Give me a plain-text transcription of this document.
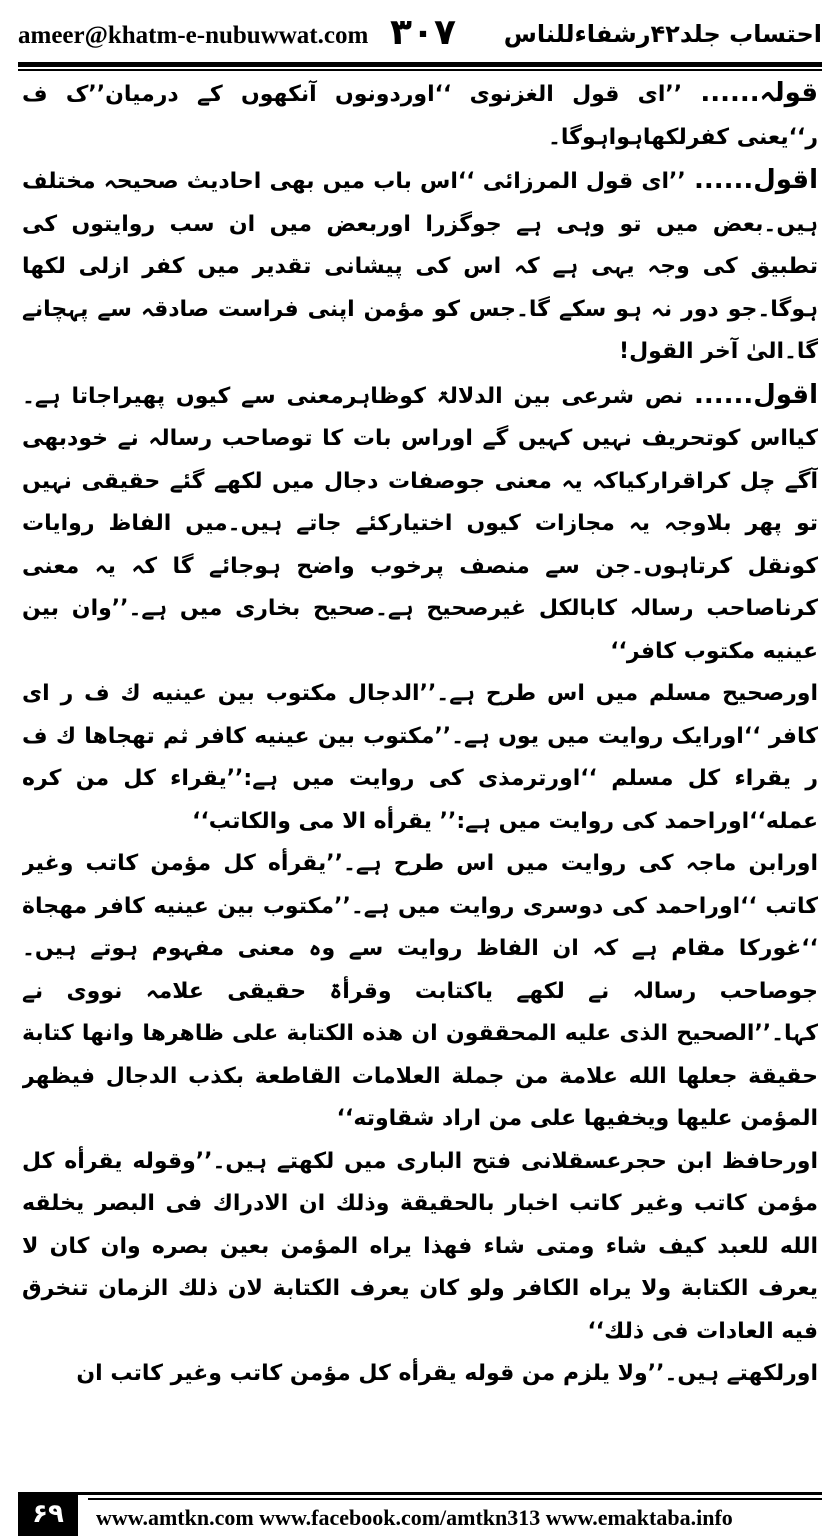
ameer@khatm-e-nubuwwat.com ۳۰۷ احتساب جلد۴۲رشفاءللناس

قولہ...... ’’ای قول الغزنوی ‘‘اوردونوں آنکھوں کے درمیان’’ک ف ر‘‘یعنی کفرلکھاہواہوگا۔

اقول...... ’’ای قول المرزائی ‘‘اس باب میں بھی احادیث صحیحہ مختلف ہیں۔بعض میں تو وہی ہے جوگزرا اوربعض میں ان سب روایتوں کی تطبیق کی وجہ یہی ہے کہ اس کی پیشانی تقدیر میں کفر ازلی لکھا ہوگا۔جو دور نہ ہو سکے گا۔جس کو مؤمن اپنی فراست صادقہ سے پہچانے گا۔الیٰ آخر القول!

اقول...... نص شرعی بین الدلالۃ کوظاہرمعنی سے کیوں پھیراجاتا ہے۔کیااس کوتحریف نہیں کہیں گے اوراس بات کا توصاحب رسالہ نے خودبھی آگے چل کراقرارکیاکہ یہ معنی جوصفات دجال میں لکھے گئے حقیقی نہیں تو پھر بلاوجہ یہ مجازات کیوں اختیارکئے جاتے ہیں۔میں الفاظ روایات کونقل کرتاہوں۔جن سے منصف پرخوب واضح ہوجائے گا کہ یہ معنی کرناصاحب رسالہ کابالکل غیرصحیح ہے۔صحیح بخاری میں ہے۔’’وان بین عینیه مکتوب کافر‘‘

اورصحیح مسلم میں اس طرح ہے۔’’الدجال مکتوب بین عینیه ك ف ر ای کافر ‘‘اورایک روایت میں یوں ہے۔’’مکتوب بین عینیه کافر ثم تهجاها ك ف ر یقراء کل مسلم ‘‘اورترمذی کی روایت میں ہے:’’یقراء کل من کره عمله‘‘اوراحمد کی روایت میں ہے:’’ یقرأه الا می والکاتب‘‘

اورابن ماجہ کی روایت میں اس طرح ہے۔’’یقرأه کل مؤمن کاتب وغیر کاتب ‘‘اوراحمد کی دوسری روایت میں ہے۔’’مکتوب بین عینیه کافر مهجاة ‘‘غورکا مقام ہے کہ ان الفاظ روایت سے وہ معنی مفہوم ہوتے ہیں۔جوصاحب رسالہ نے لکھے یاکتابت وقرأۃ حقیقی علامہ نووی نے کہا۔’’الصحیح الذی علیه المحققون ان هذه الکتابة علی ظاهرها وانها کتابة حقیقة جعلها الله علامة من جملة العلامات القاطعة بکذب الدجال فیظهر المؤمن علیها ویخفیها علی من اراد شقاوته‘‘

اورحافظ ابن حجرعسقلانی فتح الباری میں لکھتے ہیں۔’’وقوله یقرأه کل مؤمن کاتب وغیر کاتب اخبار بالحقیقة وذلك ان الادراك فی البصر یخلقه الله للعبد کیف شاء ومتی شاء فهذا یراه المؤمن بعین بصره وان کان لا یعرف الکتابة ولا یراه الکافر ولو کان یعرف الکتابة لان ذلك الزمان تنخرق فیه العادات فی ذلك‘‘

اورلکھتے ہیں۔’’ولا یلزم من قوله یقرأه کل مؤمن کاتب وغیر کاتب ان

۶۹	www.amtkn.com www.facebook.com/amtkn313 www.emaktaba.info
